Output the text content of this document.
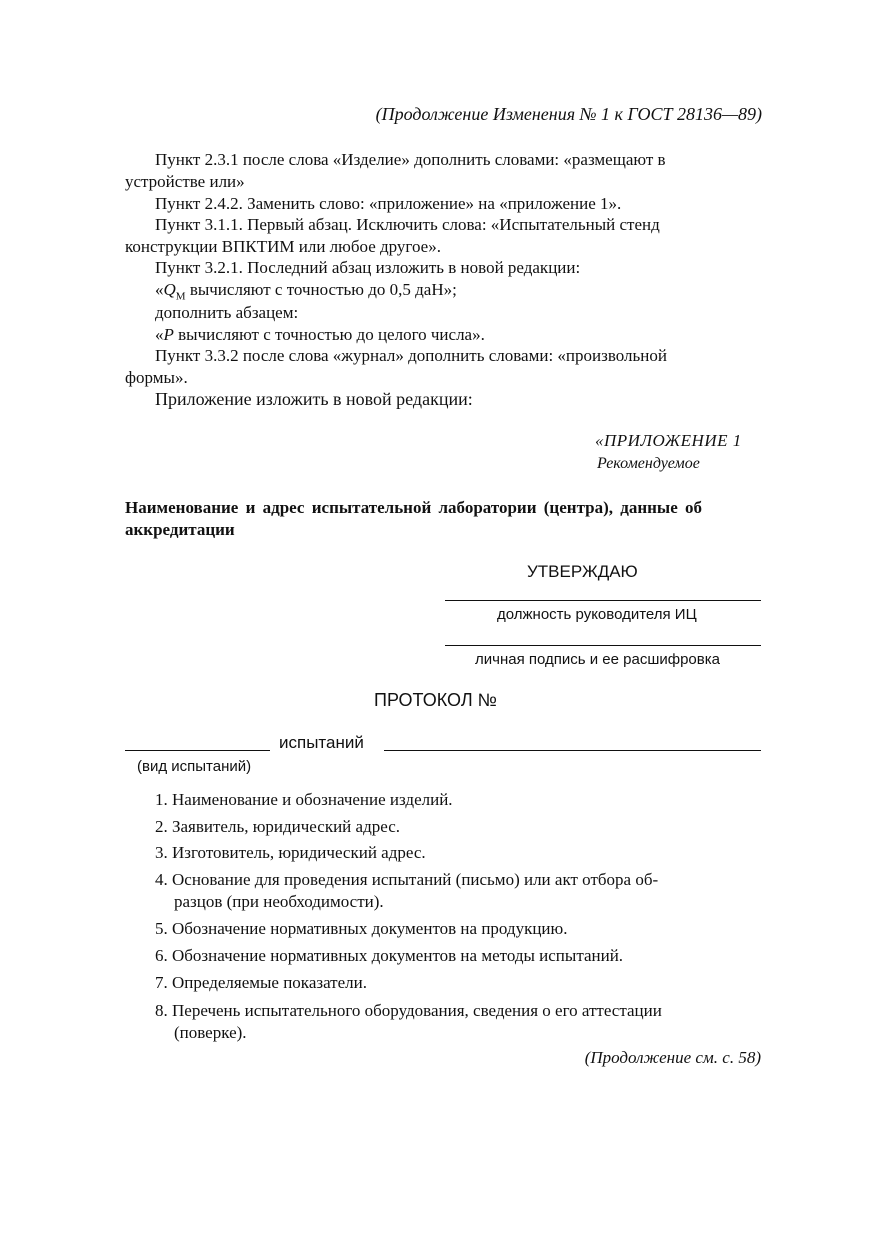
(Продолжение Изменения № 1 к ГОСТ 28136—89)
Пункт 2.3.1 после слова «Изделие» дополнить словами: «размещают в
устройстве или»
Пункт 2.4.2. Заменить слово: «приложение» на «приложение 1».
Пункт 3.1.1. Первый абзац. Исключить слова: «Испытательный стенд
конструкции ВПКТИМ или любое другое».
Пункт 3.2.1. Последний абзац изложить в новой редакции:
«$Q_М$ вычисляют с точностью до 0,5 даН»;
дополнить абзацем:
«Р вычисляют с точностью до целого числа».
Пункт 3.3.2 после слова «журнал» дополнить словами: «произвольной
формы».
Приложение изложить в новой редакции:
«ПРИЛОЖЕНИЕ 1
Рекомендуемое
Наименование и адрес испытательной лаборатории (центра), данные об
аккредитации
УТВЕРЖДАЮ
должность руководителя ИЦ
личная подпись и ее расшифровка
ПРОТОКОЛ №
испытаний
(вид испытаний)
1. Наименование и обозначение изделий.
2. Заявитель, юридический адрес.
3. Изготовитель, юридический адрес.
4. Основание для проведения испытаний (письмо) или акт отбора об-
разцов (при необходимости).
5. Обозначение нормативных документов на продукцию.
6. Обозначение нормативных документов на методы испытаний.
7. Определяемые показатели.
8. Перечень испытательного оборудования, сведения о его аттестации
(поверке).
(Продолжение см. с. 58)
